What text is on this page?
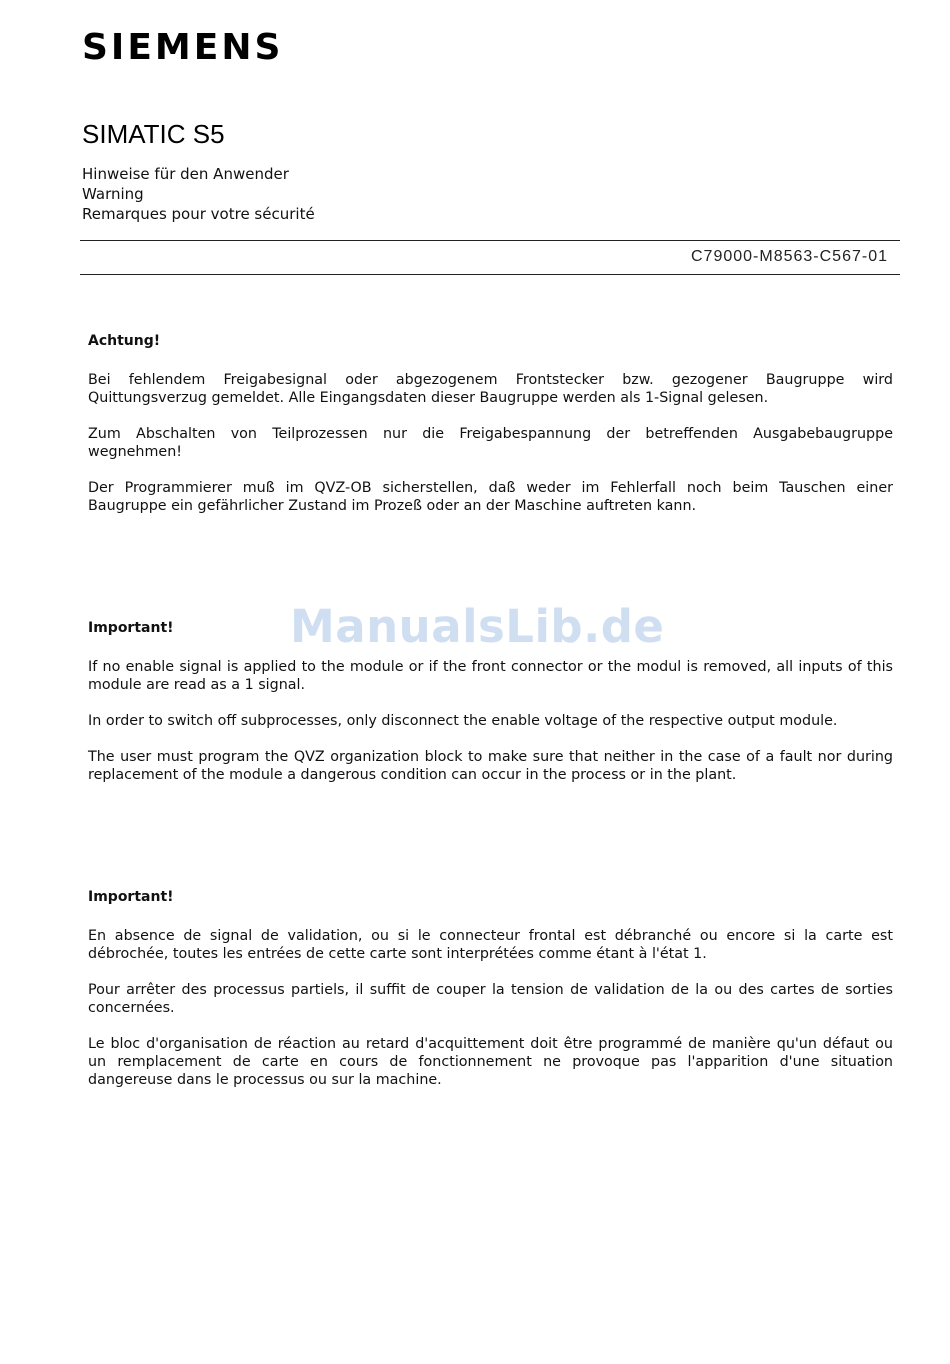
SIEMENS
SIMATIC S5

Hinweise für den Anwender

Warning

Remarques pour votre sécurité

C79000-M8563-C567-01

Achtung!

Bei fehlendem Freigabesignal oder abgezogenem Frontstecker bzw. gezogener Baugruppe wird Quittungsverzug gemeldet. Alle Eingangsdaten dieser Baugruppe werden als 1-Signal gelesen.

Zum Abschalten von Teilprozessen nur die Freigabespannung der betreffenden Ausgabebaugruppe wegnehmen!

Der Programmierer muß im QVZ-OB sicherstellen, daß weder im Fehlerfall noch beim Tauschen einer Baugruppe ein gefährlicher Zustand im Prozeß oder an der Maschine auftreten kann.

Important!

If no enable signal is applied to the module or if the front connector or the modul is removed, all inputs of this module are read as a 1 signal.

In order to switch off subprocesses, only disconnect the enable voltage of the respective output module.

The user must program the QVZ organization block to make sure that neither in the case of a fault nor during replacement of the module a dangerous condition can occur in the process or in the plant.

Important!

En absence de signal de validation, ou si le connecteur frontal est débranché ou encore si la carte est débrochée, toutes les entrées de cette carte sont interprétées comme étant à l'état 1.

Pour arrêter des processus partiels, il suffit de couper la tension de validation de la ou des cartes de sorties concernées.

Le bloc d'organisation de réaction au retard d'acquittement doit être programmé de manière qu'un défaut ou un remplacement de carte en cours de fonctionnement ne provoque pas l'apparition d'une situation dangereuse dans le processus ou sur la machine.

ManualsLib.de
